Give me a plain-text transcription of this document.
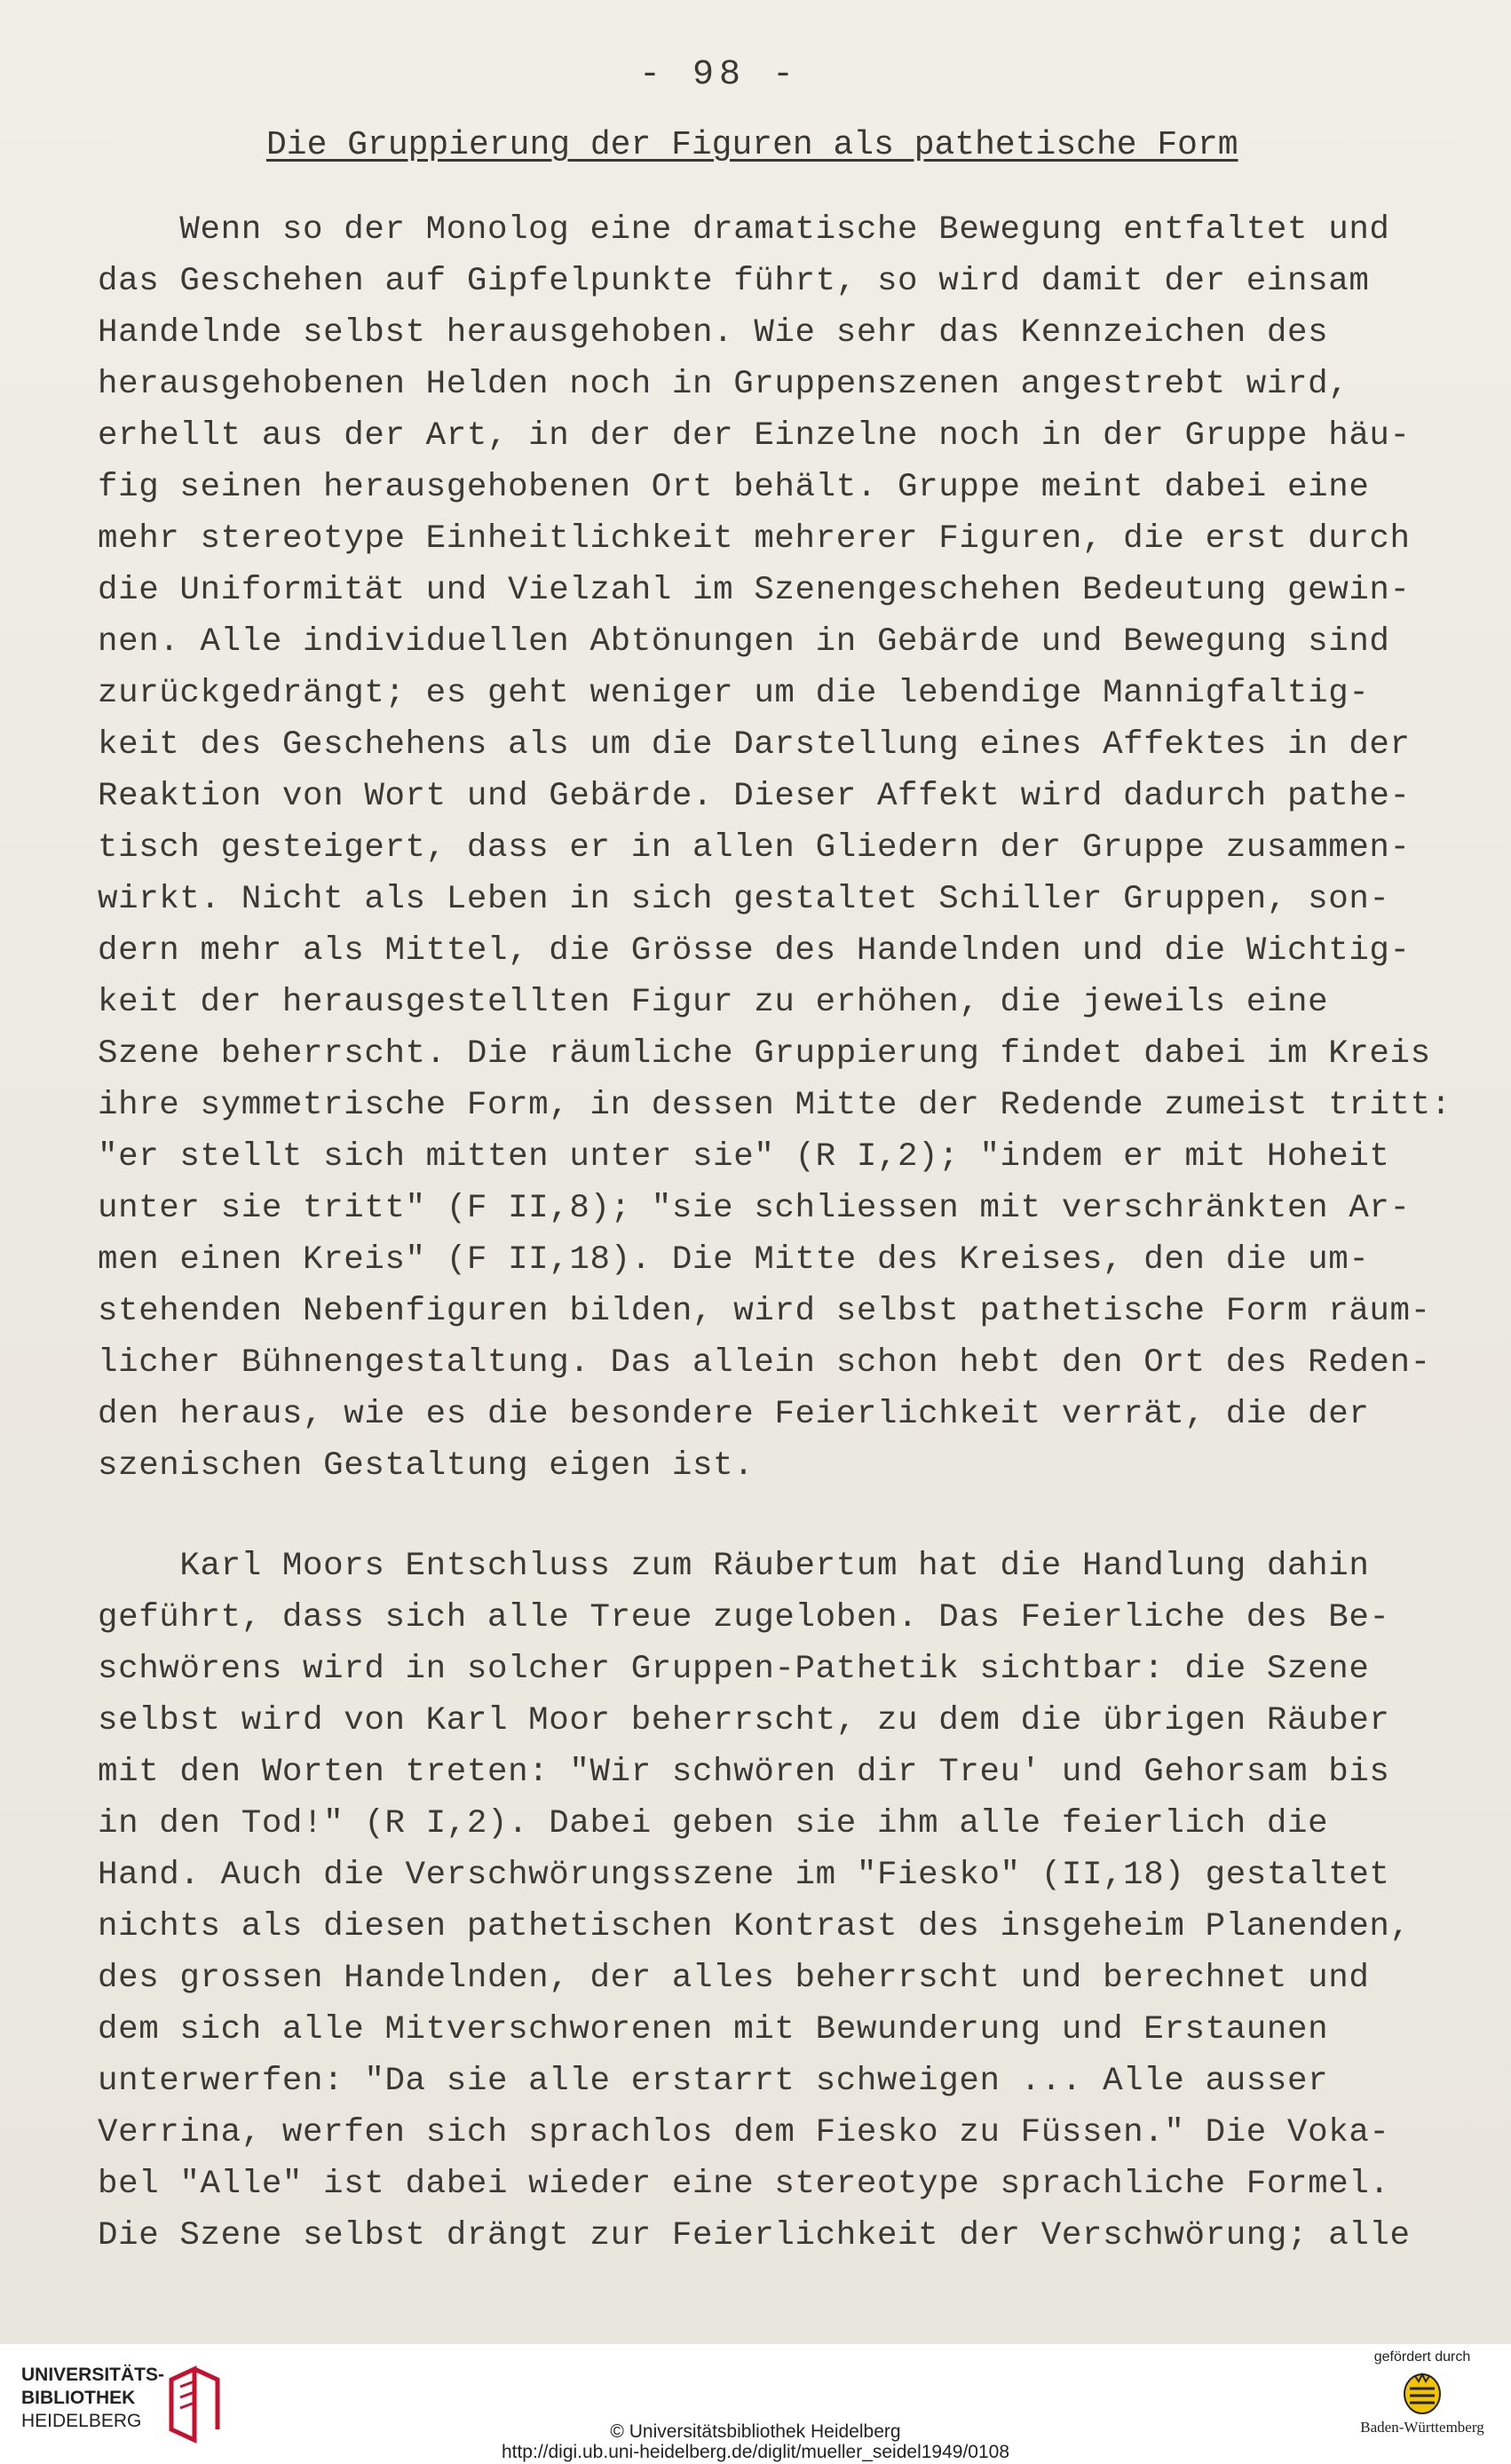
- 98 -
Die Gruppierung der Figuren als pathetische Form
Wenn so der Monolog eine dramatische Bewegung entfaltet und
das Geschehen auf Gipfelpunkte führt, so wird damit der einsam
Handelnde selbst herausgehoben. Wie sehr das Kennzeichen des
herausgehobenen Helden noch in Gruppenszenen angestrebt wird,
erhellt aus der Art, in der der Einzelne noch in der Gruppe häu-
fig seinen herausgehobenen Ort behält. Gruppe meint dabei eine
mehr stereotype Einheitlichkeit mehrerer Figuren, die erst durch
die Uniformität und Vielzahl im Szenengeschehen Bedeutung gewin-
nen. Alle individuellen Abtönungen in Gebärde und Bewegung sind
zurückgedrängt; es geht weniger um die lebendige Mannigfaltig-
keit des Geschehens als um die Darstellung eines Affektes in der
Reaktion von Wort und Gebärde. Dieser Affekt wird dadurch pathe-
tisch gesteigert, dass er in allen Gliedern der Gruppe zusammen-
wirkt. Nicht als Leben in sich gestaltet Schiller Gruppen, son-
dern mehr als Mittel, die Grösse des Handelnden und die Wichtig-
keit der herausgestellten Figur zu erhöhen, die jeweils eine
Szene beherrscht. Die räumliche Gruppierung findet dabei im Kreis
ihre symmetrische Form, in dessen Mitte der Redende zumeist tritt:
"er stellt sich mitten unter sie" (R I,2); "indem er mit Hoheit
unter sie tritt" (F II,8); "sie schliessen mit verschränkten Ar-
men einen Kreis" (F II,18). Die Mitte des Kreises, den die um-
stehenden Nebenfiguren bilden, wird selbst pathetische Form räum-
licher Bühnengestaltung. Das allein schon hebt den Ort des Reden-
den heraus, wie es die besondere Feierlichkeit verrät, die der
szenischen Gestaltung eigen ist.
Karl Moors Entschluss zum Räubertum hat die Handlung dahin
geführt, dass sich alle Treue zugeloben. Das Feierliche des Be-
schwörens wird in solcher Gruppen-Pathetik sichtbar: die Szene
selbst wird von Karl Moor beherrscht, zu dem die übrigen Räuber
mit den Worten treten: "Wir schwören dir Treu' und Gehorsam bis
in den Tod!" (R I,2). Dabei geben sie ihm alle feierlich die
Hand. Auch die Verschwörungsszene im "Fiesko" (II,18) gestaltet
nichts als diesen pathetischen Kontrast des insgeheim Planenden,
des grossen Handelnden, der alles beherrscht und berechnet und
dem sich alle Mitverschworenen mit Bewunderung und Erstaunen
unterwerfen: "Da sie alle erstarrt schweigen ... Alle ausser
Verrina, werfen sich sprachlos dem Fiesko zu Füssen." Die Voka-
bel "Alle" ist dabei wieder eine stereotype sprachliche Formel.
Die Szene selbst drängt zur Feierlichkeit der Verschwörung; alle
UNIVERSITÄTS-
BIBLIOTHEK
HEIDELBERG
© Universitätsbibliothek Heidelberg
http://digi.ub.uni-heidelberg.de/diglit/mueller_seidel1949/0108
gefördert durch
Baden-Württemberg
